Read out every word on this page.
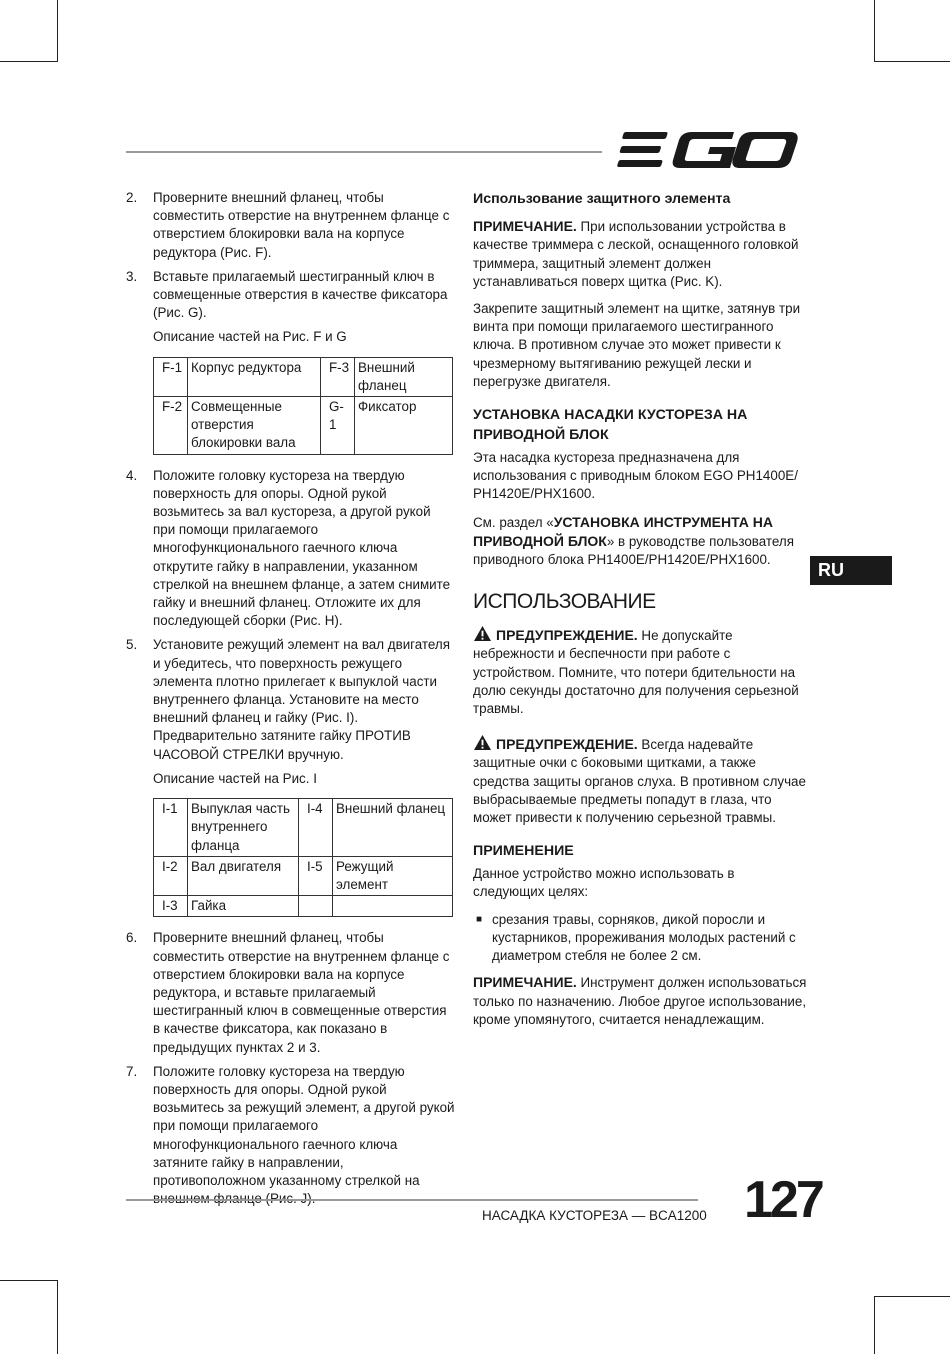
2.	Проверните внешний фланец, чтобы совместить отверстие на внутреннем фланце с отверстием блокировки вала на корпусе редуктора (Рис. F).
3.	Вставьте прилагаемый шестигранный ключ в совмещенные отверстия в качестве фиксатора (Рис. G).
Описание частей на Рис. F и G
F-1	Корпус редуктора	F-3	Внешний фланец
F-2	Совмещенные отверстия блокировки вала	G-1	Фиксатор
4.	Положите головку кустореза на твердую поверхность для опоры. Одной рукой возьмитесь за вал кустореза, а другой рукой при помощи прилагаемого многофункционального гаечного ключа открутите гайку в направлении, указанном стрелкой на внешнем фланце, а затем снимите гайку и внешний фланец. Отложите их для последующей сборки (Рис. H).
5.	Установите режущий элемент на вал двигателя и убедитесь, что поверхность режущего элемента плотно прилегает к выпуклой части внутреннего фланца. Установите на место внешний фланец и гайку (Рис. I). Предварительно затяните гайку ПРОТИВ ЧАСОВОЙ СТРЕЛКИ вручную.
Описание частей на Рис. I
I-1	Выпуклая часть внутреннего фланца	I-4	Внешний фланец
I-2	Вал двигателя	I-5	Режущий элемент
I-3	Гайка		
6.	Проверните внешний фланец, чтобы совместить отверстие на внутреннем фланце с отверстием блокировки вала на корпусе редуктора, и вставьте прилагаемый шестигранный ключ в совмещенные отверстия в качестве фиксатора, как показано в предыдущих пунктах 2 и 3.
7.	Положите головку кустореза на твердую поверхность для опоры. Одной рукой возьмитесь за режущий элемент, а другой рукой при помощи прилагаемого многофункционального гаечного ключа затяните гайку в направлении, противоположном указанному стрелкой на
Использование защитного элемента
ПРИМЕЧАНИЕ. При использовании устройства в качестве триммера с леской, оснащенного головкой триммера, защитный элемент должен устанавливаться поверх щитка (Рис. K).
Закрепите защитный элемент на щитке, затянув три винта при помощи прилагаемого шестигранного ключа. В противном случае это может привести к чрезмерному вытягиванию режущей лески и перегрузке двигателя.
УСТАНОВКА НАСАДКИ КУСТОРЕЗА НА ПРИВОДНОЙ БЛОК
Эта насадка кустореза предназначена для использования с приводным блоком EGO PH1400E/ PH1420E/PHX1600.
См. раздел «УСТАНОВКА ИНСТРУМЕНТА НА ПРИВОДНОЙ БЛОК» в руководстве пользователя приводного блока PH1400E/PH1420E/PHX1600.
ИСПОЛЬЗОВАНИЕ
ПРЕДУПРЕЖДЕНИЕ. Не допускайте небрежности и беспечности при работе с устройством. Помните, что потери бдительности на долю секунды достаточно для получения серьезной травмы.
ПРЕДУПРЕЖДЕНИЕ. Всегда надевайте защитные очки с боковыми щитками, а также средства защиты органов слуха. В противном случае выбрасываемые предметы попадут в глаза, что может привести к получению серьезной травмы.
ПРИМЕНЕНИЕ
Данное устройство можно использовать в следующих целях:
■ срезания травы, сорняков, дикой поросли и кустарников, прореживания молодых растений с диаметром стебля не более 2 см.
ПРИМЕЧАНИЕ. Инструмент должен использоваться только по назначению. Любое другое использование, кроме упомянутого, считается ненадлежащим.
RU
НАСАДКА КУСТОРЕЗА — BCA1200 127
